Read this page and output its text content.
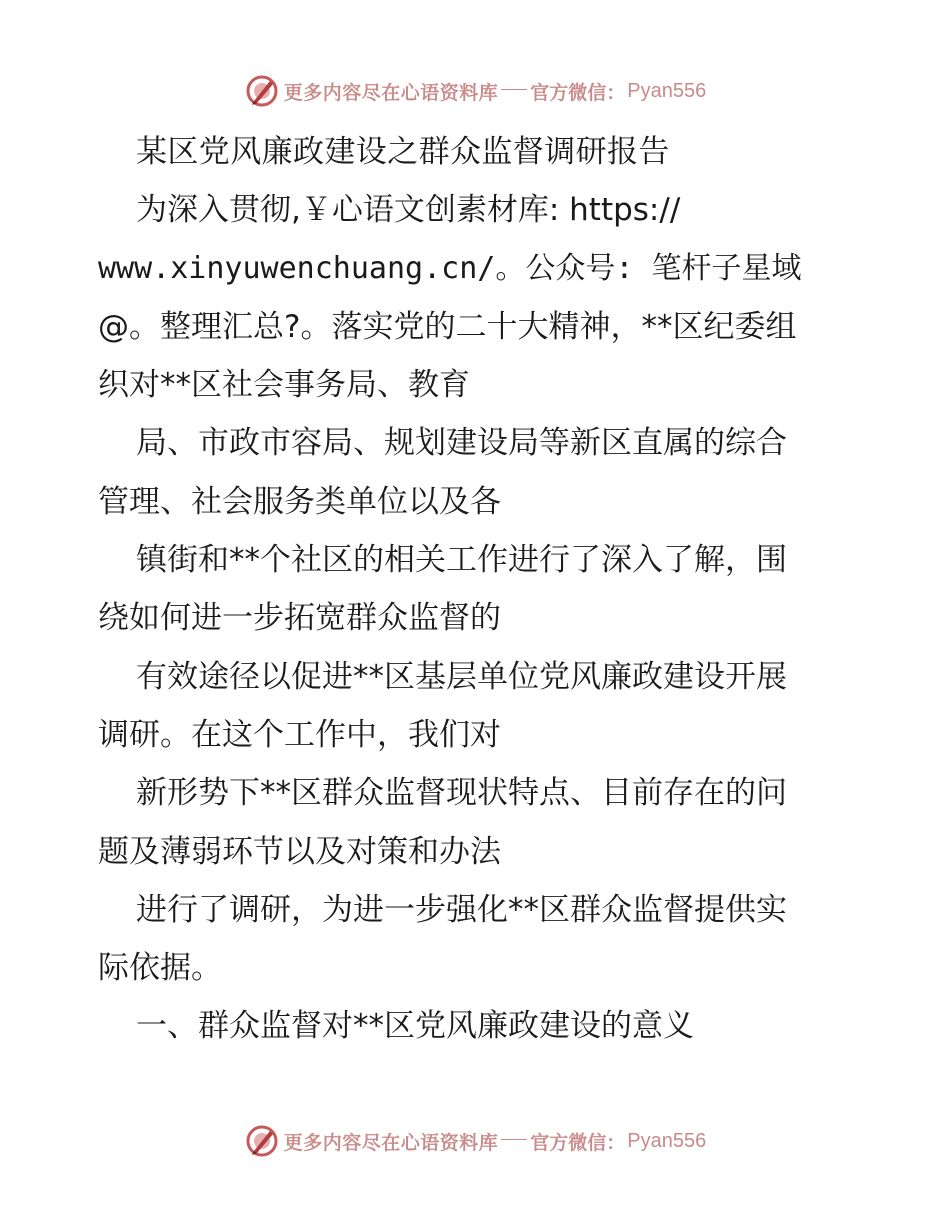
更多内容尽在心语资料库 官方微信： Pyan556
某区党风廉政建设之群众监督调研报告
为深入贯彻,￥心语文创素材库: https://
www.xinyuwenchuang.cn/。公众号: 笔杆子星域
@。整理汇总?。落实党的二十大精神，**区纪委组
织对**区社会事务局、教育
局、市政市容局、规划建设局等新区直属的综合
管理、社会服务类单位以及各
镇街和**个社区的相关工作进行了深入了解，围
绕如何进一步拓宽群众监督的
有效途径以促进**区基层单位党风廉政建设开展
调研。在这个工作中，我们对
新形势下**区群众监督现状特点、目前存在的问
题及薄弱环节以及对策和办法
进行了调研，为进一步强化**区群众监督提供实
际依据。
一、群众监督对**区党风廉政建设的意义
更多内容尽在心语资料库 官方微信： Pyan556
